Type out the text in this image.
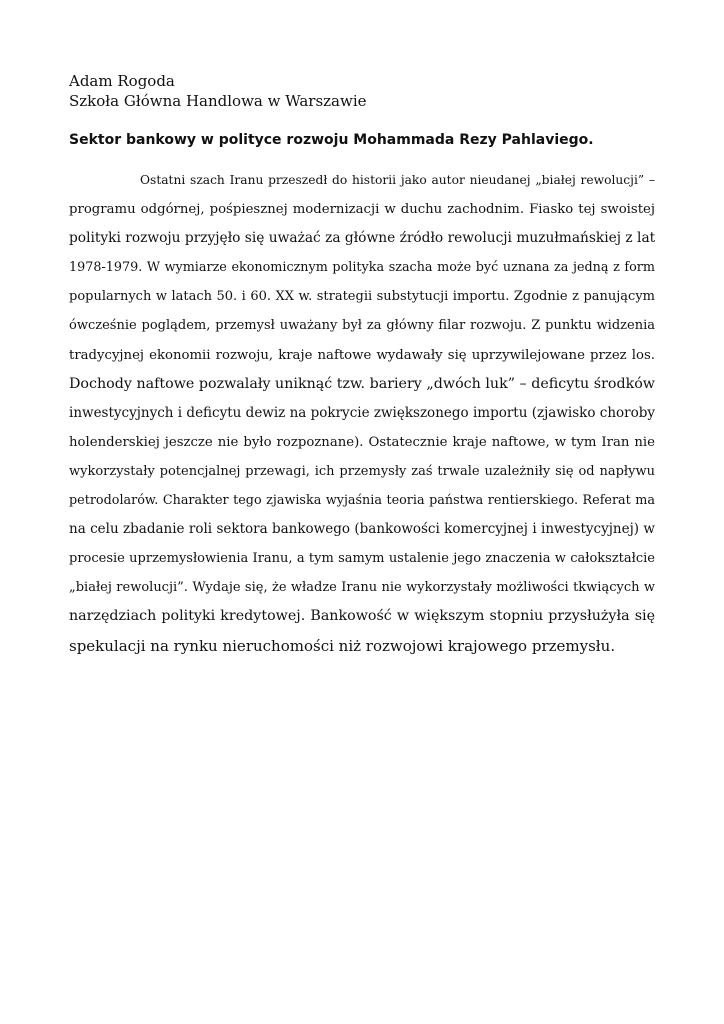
Adam Rogoda
Szkoła Główna Handlowa w Warszawie
Sektor bankowy w polityce rozwoju Mohammada Rezy Pahlaviego.
Ostatni szach Iranu przeszedł do historii jako autor nieudanej „białej rewolucji” –
programu odgórnej, pośpiesznej modernizacji w duchu zachodnim. Fiasko tej swoistej
polityki rozwoju przyjęło się uważać za główne źródło rewolucji muzułmańskiej z lat
1978-1979. W wymiarze ekonomicznym polityka szacha może być uznana za jedną z form
popularnych w latach 50. i 60. XX w. strategii substytucji importu. Zgodnie z panującym
ówcześnie poglądem, przemysł uważany był za główny filar rozwoju. Z punktu widzenia
tradycyjnej ekonomii rozwoju, kraje naftowe wydawały się uprzywilejowane przez los.
Dochody naftowe pozwalały uniknąć tzw. bariery „dwóch luk” – deficytu środków
inwestycyjnych i deficytu dewiz na pokrycie zwiększonego importu (zjawisko choroby
holenderskiej jeszcze nie było rozpoznane). Ostatecznie kraje naftowe, w tym Iran nie
wykorzystały potencjalnej przewagi, ich przemysły zaś trwale uzależniły się od napływu
petrodolarów. Charakter tego zjawiska wyjaśnia teoria państwa rentierskiego. Referat ma
na celu zbadanie roli sektora bankowego (bankowości komercyjnej i inwestycyjnej) w
procesie uprzemysłowienia Iranu, a tym samym ustalenie jego znaczenia w całokształcie
„białej rewolucji”. Wydaje się, że władze Iranu nie wykorzystały możliwości tkwiących w
narzędziach polityki kredytowej. Bankowość w większym stopniu przysłużyła się
spekulacji na rynku nieruchomości niż rozwojowi krajowego przemysłu.
